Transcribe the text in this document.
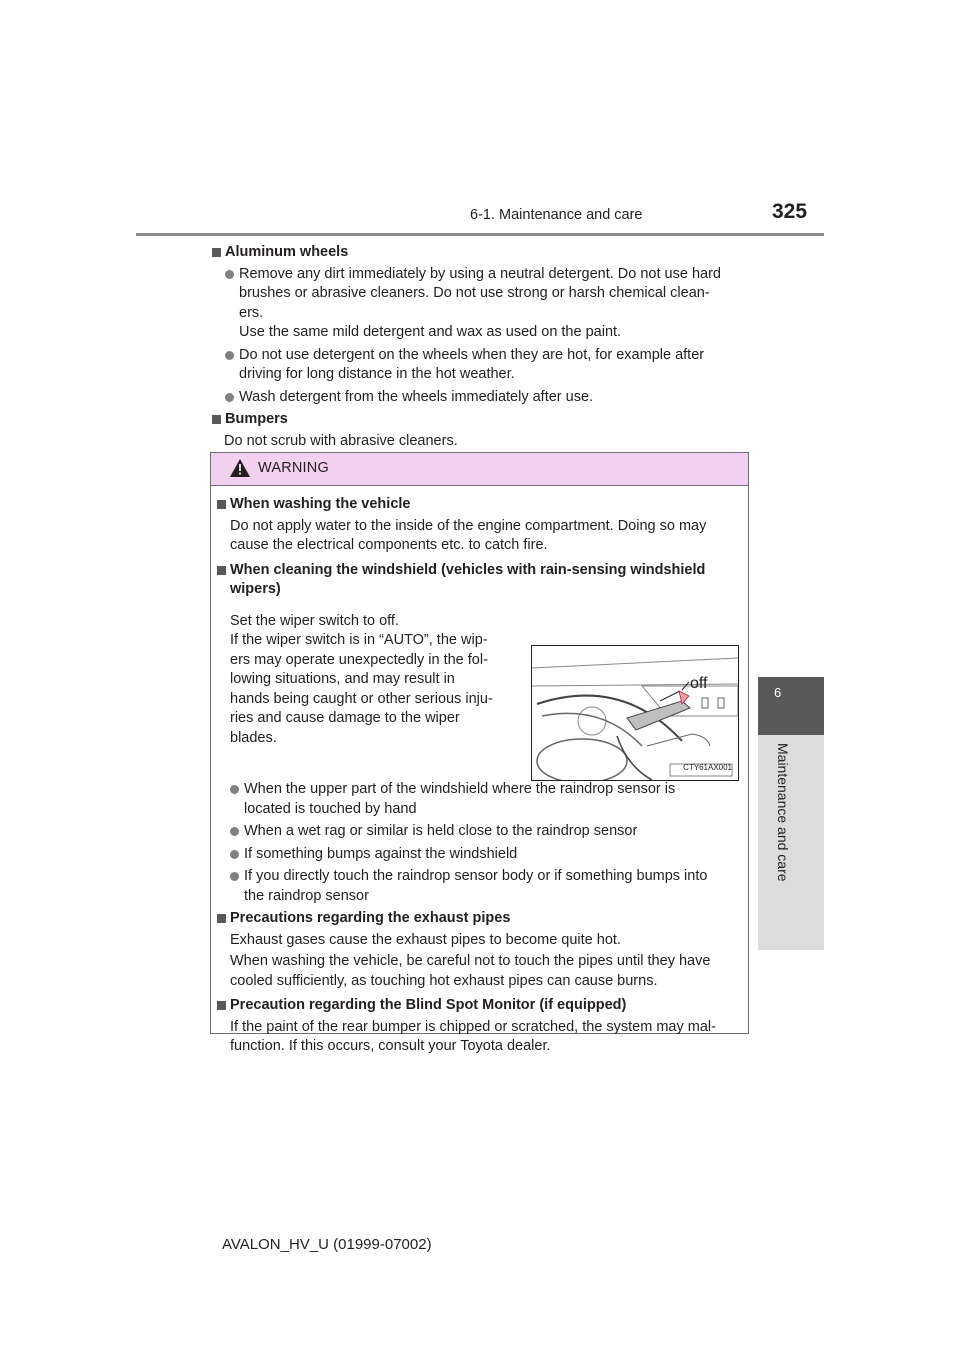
6-1. Maintenance and care	325
6
Maintenance and care
Aluminum wheels
Remove any dirt immediately by using a neutral detergent. Do not use hard
brushes or abrasive cleaners. Do not use strong or harsh chemical clean-
ers.
Use the same mild detergent and wax as used on the paint.
Do not use detergent on the wheels when they are hot, for example after
driving for long distance in the hot weather.
Wash detergent from the wheels immediately after use.
Bumpers
Do not scrub with abrasive cleaners.
WARNING
When washing the vehicle
Do not apply water to the inside of the engine compartment. Doing so may
cause the electrical components etc. to catch fire.
When cleaning the windshield (vehicles with rain-sensing windshield
wipers)
Set the wiper switch to off.
If the wiper switch is in “AUTO”, the wip-
ers may operate unexpectedly in the fol-
lowing situations, and may result in
hands being caught or other serious inju-
ries and cause damage to the wiper
blades.
When the upper part of the windshield where the raindrop sensor is
located is touched by hand
When a wet rag or similar is held close to the raindrop sensor
If something bumps against the windshield
If you directly touch the raindrop sensor body or if something bumps into
the raindrop sensor
Precautions regarding the exhaust pipes
Exhaust gases cause the exhaust pipes to become quite hot.
When washing the vehicle, be careful not to touch the pipes until they have
cooled sufficiently, as touching hot exhaust pipes can cause burns.
Precaution regarding the Blind Spot Monitor (if equipped)
If the paint of the rear bumper is chipped or scratched, the system may mal-
function. If this occurs, consult your Toyota dealer.
off
CTY61AX001
AVALON_HV_U (01999-07002)
